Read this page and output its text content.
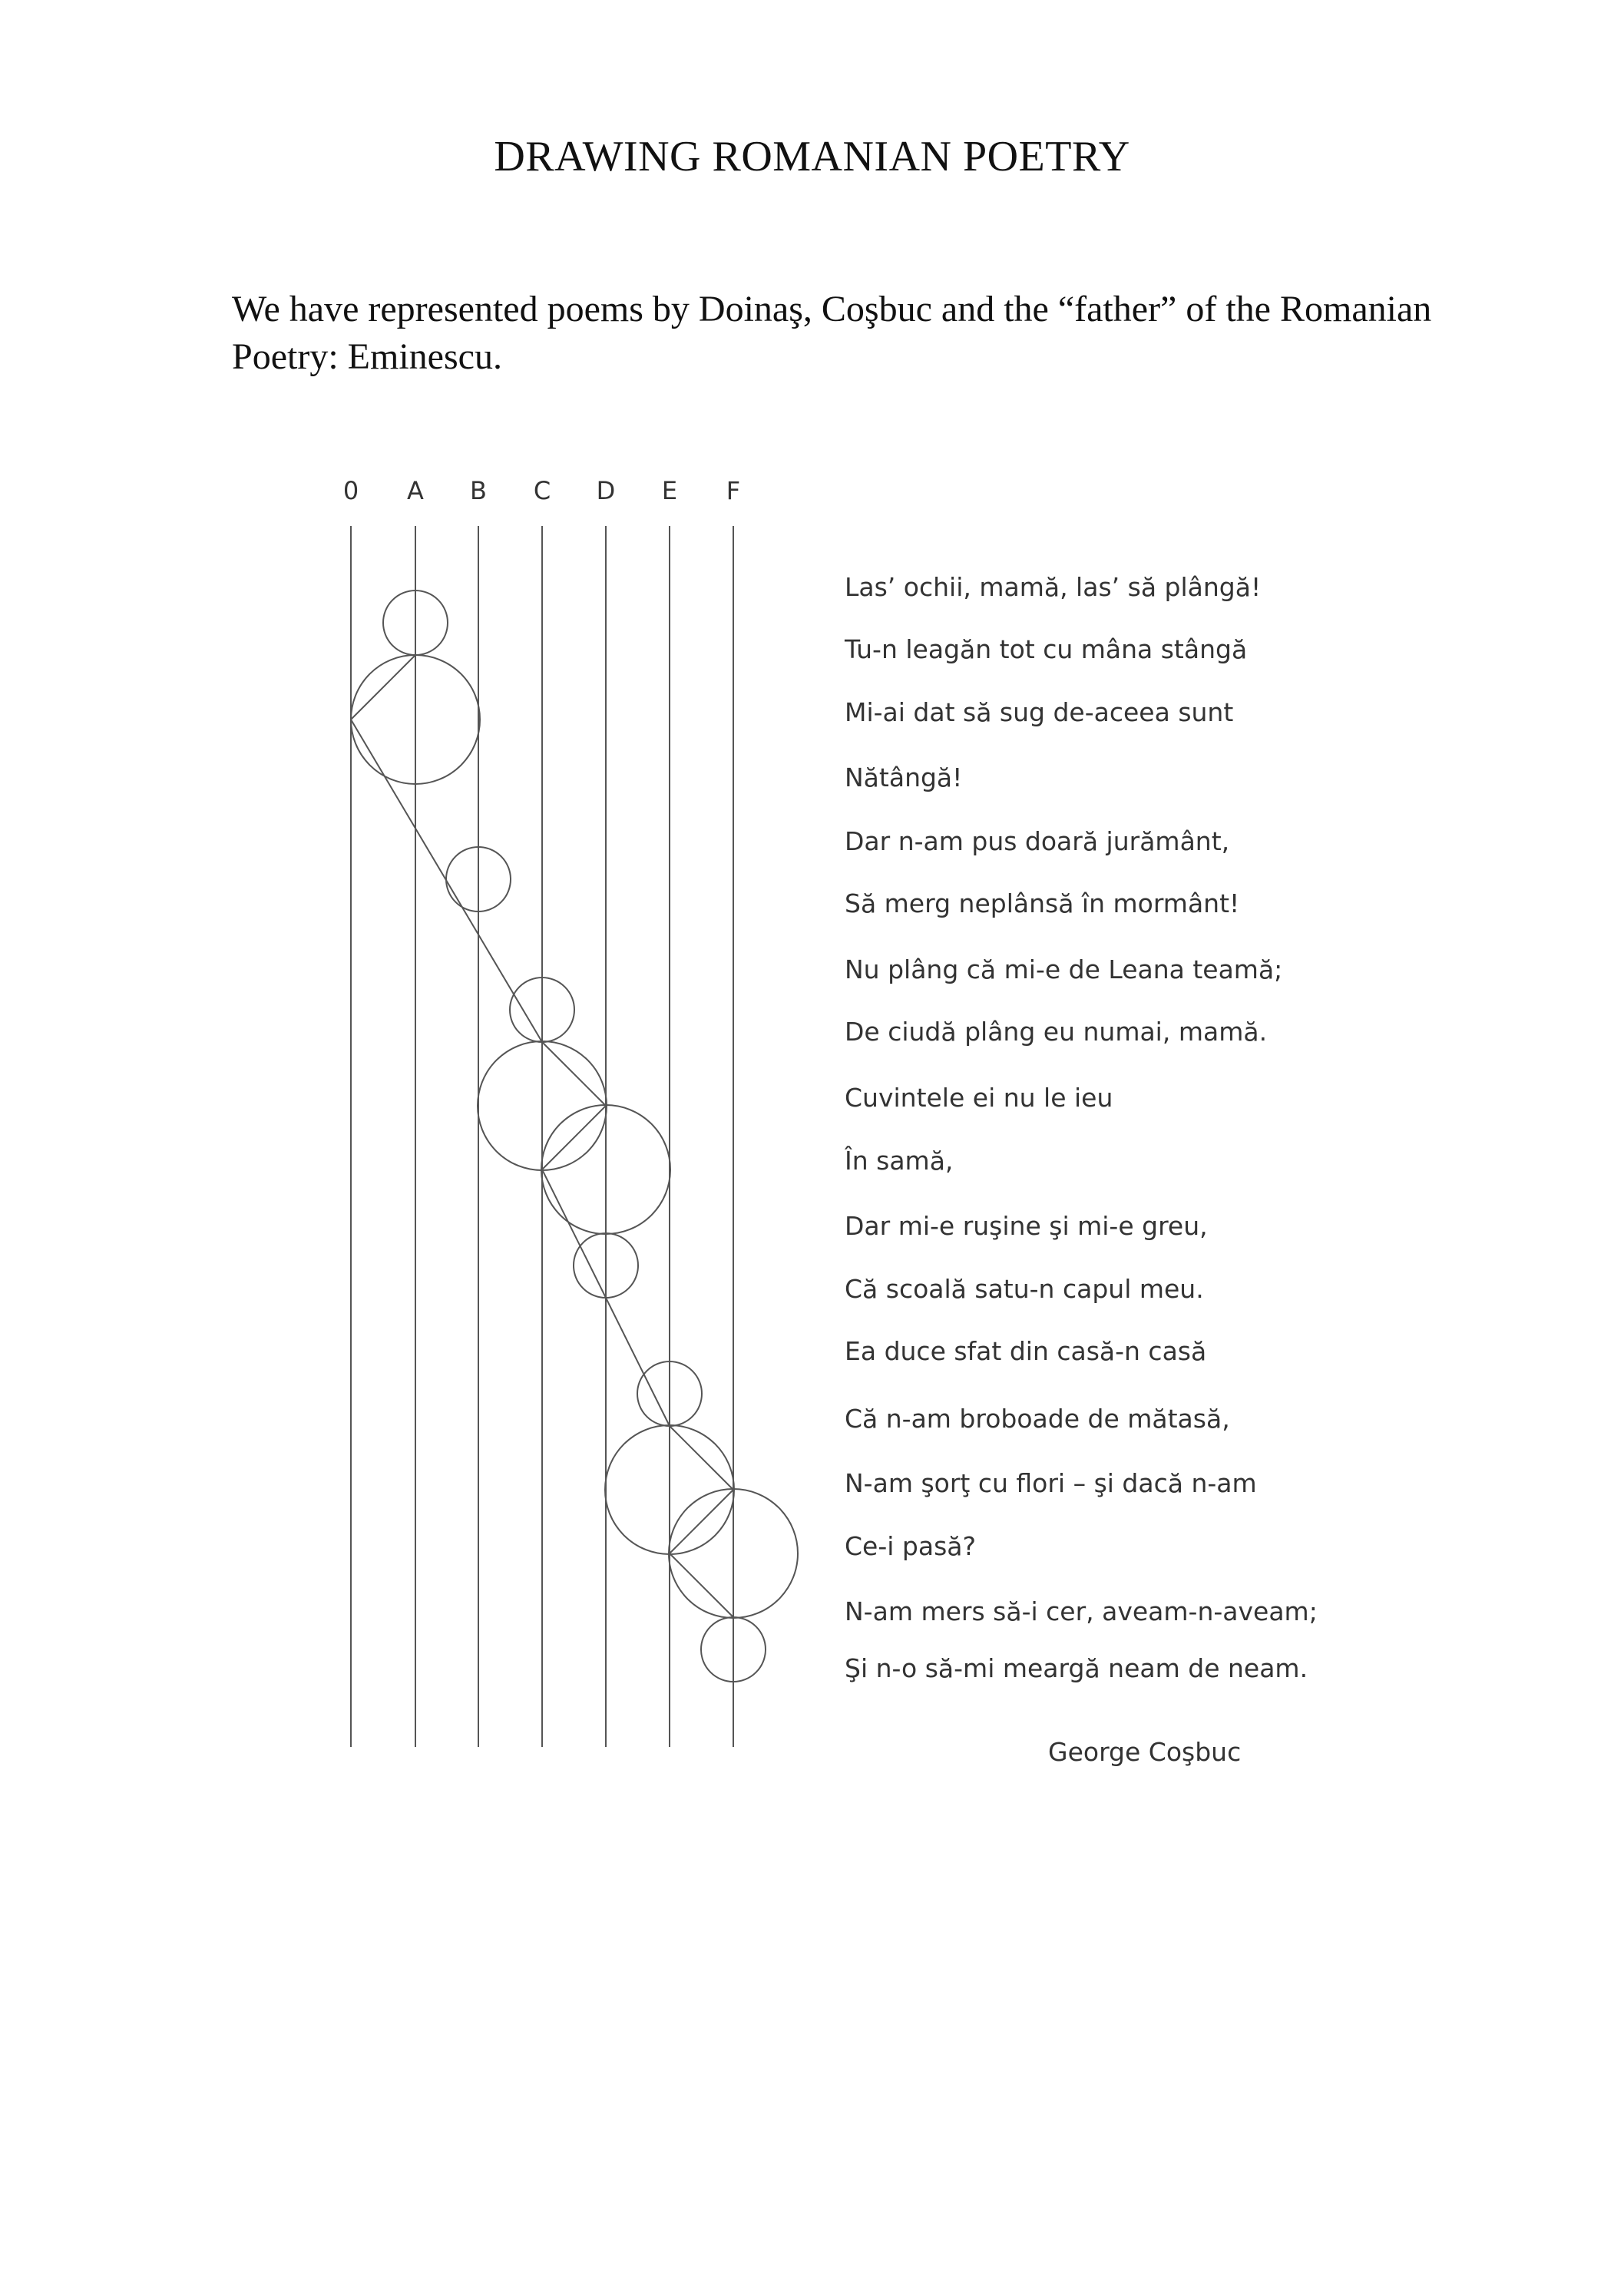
DRAWING ROMANIAN POETRY
We have represented poems by Doinaş, Coşbuc and the “father” of the Romanian Poetry: Eminescu.
0 A B C D E F
Las’ ochii, mamă, las’ să plângă!
Tu-n leagăn tot cu mâna stângă
Mi-ai dat să sug de-aceea sunt
Nătângă!
Dar n-am pus doară jurământ,
Să merg neplânsă în mormânt!
Nu plâng că mi-e de Leana teamă;
De ciudă plâng eu numai, mamă.
Cuvintele ei nu le ieu
În samă,
Dar mi-e ruşine şi mi-e greu,
Că scoală satu-n capul meu.
Ea duce sfat din casă-n casă
Că n-am broboade de mătasă,
N-am şorţ cu flori – şi dacă n-am
Ce-i pasă?
N-am mers să-i cer, aveam-n-aveam;
Şi n-o să-mi meargă neam de neam.
George Coşbuc
